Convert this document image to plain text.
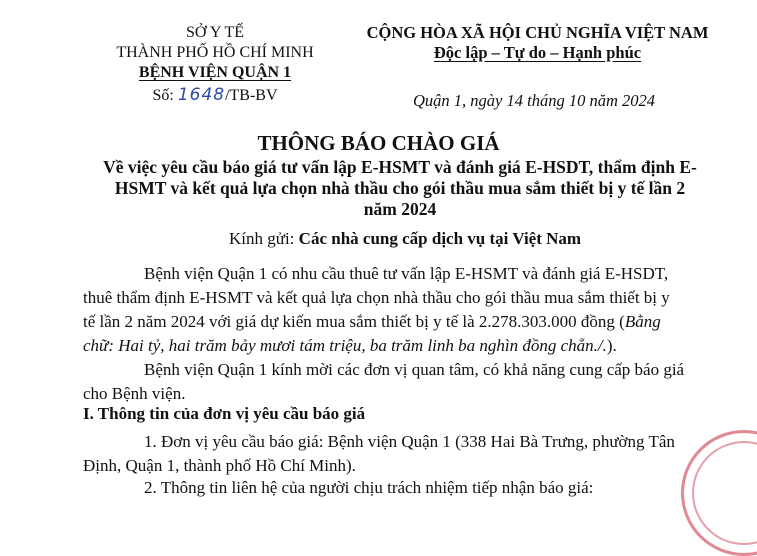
SỞ Y TẾ
THÀNH PHỐ HỒ CHÍ MINH
BỆNH VIỆN QUẬN 1
Số: 1648/TB-BV
CỘNG HÒA XÃ HỘI CHỦ NGHĨA VIỆT NAM
Độc lập – Tự do – Hạnh phúc
Quận 1, ngày 14 tháng 10 năm 2024
THÔNG BÁO CHÀO GIÁ
Về việc yêu cầu báo giá tư vấn lập E-HSMT và đánh giá E-HSDT, thẩm định E-
HSMT và kết quả lựa chọn nhà thầu cho gói thầu mua sắm thiết bị y tế lần 2
năm 2024
Kính gửi: Các nhà cung cấp dịch vụ tại Việt Nam
Bệnh viện Quận 1 có nhu cầu thuê tư vấn lập E-HSMT và đánh giá E-HSDT,
thuê thẩm định E-HSMT và kết quả lựa chọn nhà thầu cho gói thầu mua sắm thiết bị y
tế lần 2 năm 2024 với giá dự kiến mua sắm thiết bị y tế là 2.278.303.000 đồng (Bằng
chữ: Hai tỷ, hai trăm bảy mươi tám triệu, ba trăm linh ba nghìn đồng chẵn./.).
Bệnh viện Quận 1 kính mời các đơn vị quan tâm, có khả năng cung cấp báo giá
cho Bệnh viện.
I. Thông tin của đơn vị yêu cầu báo giá
1. Đơn vị yêu cầu báo giá: Bệnh viện Quận 1 (338 Hai Bà Trưng, phường Tân
Định, Quận 1, thành phố Hồ Chí Minh).
2. Thông tin liên hệ của người chịu trách nhiệm tiếp nhận báo giá:
